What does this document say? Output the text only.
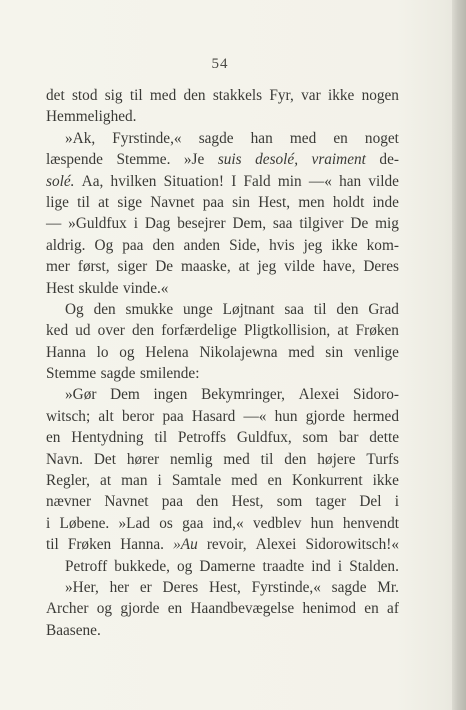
54
det stod sig til med den stakkels Fyr, var ikke nogen
Hemmelighed.
»Ak, Fyrstinde,« sagde han med en noget
læspende Stemme. »Je suis desolé, vraiment de-
solé. Aa, hvilken Situation! I Fald min —« han vilde
lige til at sige Navnet paa sin Hest, men holdt inde
— »Guldfux i Dag besejrer Dem, saa tilgiver De mig
aldrig. Og paa den anden Side, hvis jeg ikke kom-
mer først, siger De maaske, at jeg vilde have, Deres
Hest skulde vinde.«
Og den smukke unge Løjtnant saa til den Grad
ked ud over den forfærdelige Pligtkollision, at Frøken
Hanna lo og Helena Nikolajewna med sin venlige
Stemme sagde smilende:
»Gør Dem ingen Bekymringer, Alexei Sidoro-
witsch; alt beror paa Hasard —« hun gjorde hermed
en Hentydning til Petroffs Guldfux, som bar dette
Navn. Det hører nemlig med til den højere Turfs
Regler, at man i Samtale med en Konkurrent ikke
nævner Navnet paa den Hest, som tager Del i
i Løbene. »Lad os gaa ind,« vedblev hun henvendt
til Frøken Hanna. »Au revoir, Alexei Sidorowitsch!«
Petroff bukkede, og Damerne traadte ind i Stalden.
»Her, her er Deres Hest, Fyrstinde,« sagde Mr.
Archer og gjorde en Haandbevægelse henimod en af
Baasene.
